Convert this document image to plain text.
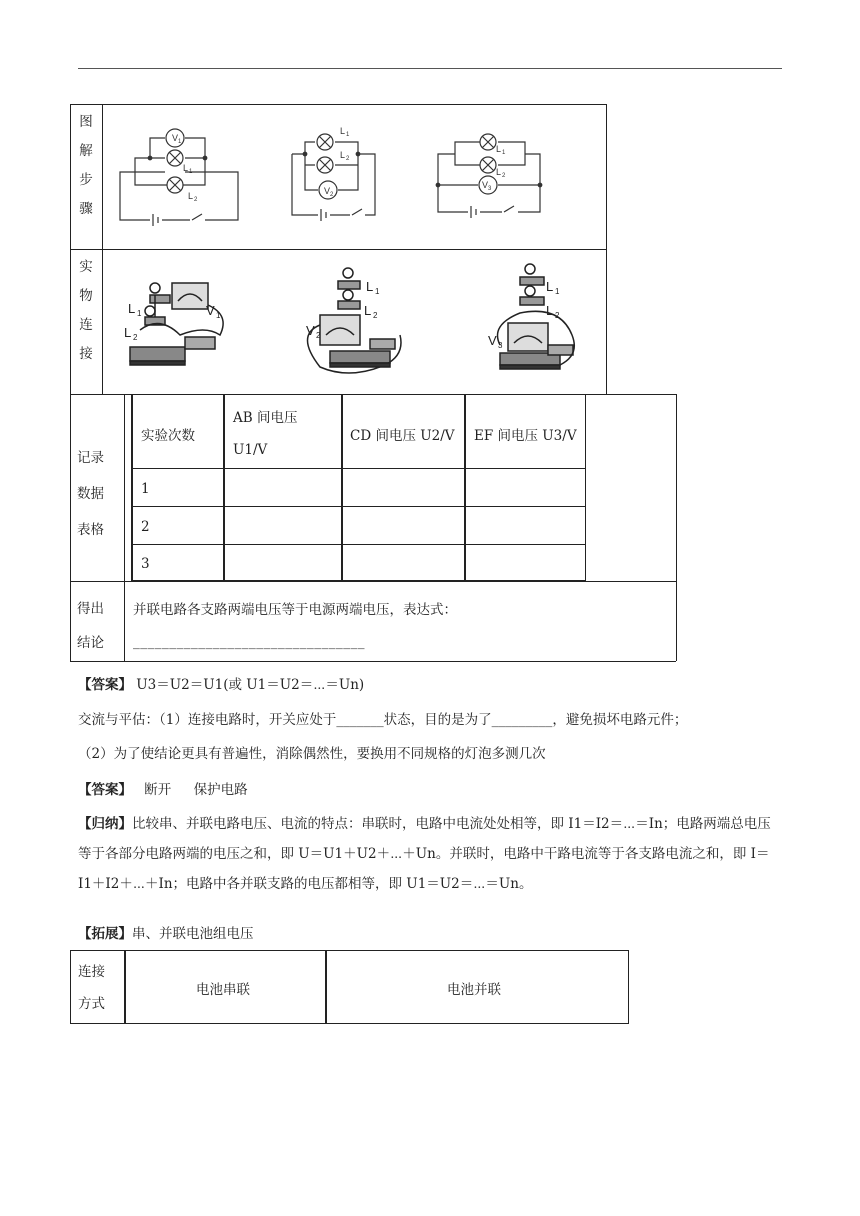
图
解
步
骤
实
物
连
接
记录
数据
表格
得出
结论
V 1
L 1
L 2
L 1
L 2
V 2
L 1
L 2
V 3
L 1	V 1
L 2
L 1
L 2
V 2
L 1
L 2
V 3
实验次数
AB 间电压
U1/V
CD 间电压 U2/V EF 间电压 U3/V
1
2
3
并联电路各支路两端电压等于电源两端电压，表达式：
________________________________
【答案】 U3＝U2＝U1(或 U1＝U2＝⋯＝Un)
交流与平估：（1）连接电路时，开关应处于_______状态，目的是为了_________，避免损坏电路元件；
（2）为了使结论更具有普遍性，消除偶然性，要换用不同规格的灯泡多测几次
【答案】 断开 保护电路
【归纳】比较串、并联电路电压、电流的特点：串联时，电路中电流处处相等，即 I1＝I2＝⋯＝In；电路两端总电压等于各部分电路两端的电压之和，即 U＝U1＋U2＋⋯＋Un。并联时，电路中干路电流等于各支路电流之和，即 I＝I1＋I2＋⋯＋In；电路中各并联支路的电压都相等，即 U1＝U2＝⋯＝Un。
【拓展】串、并联电池组电压
连接
方式
电池串联	电池并联
